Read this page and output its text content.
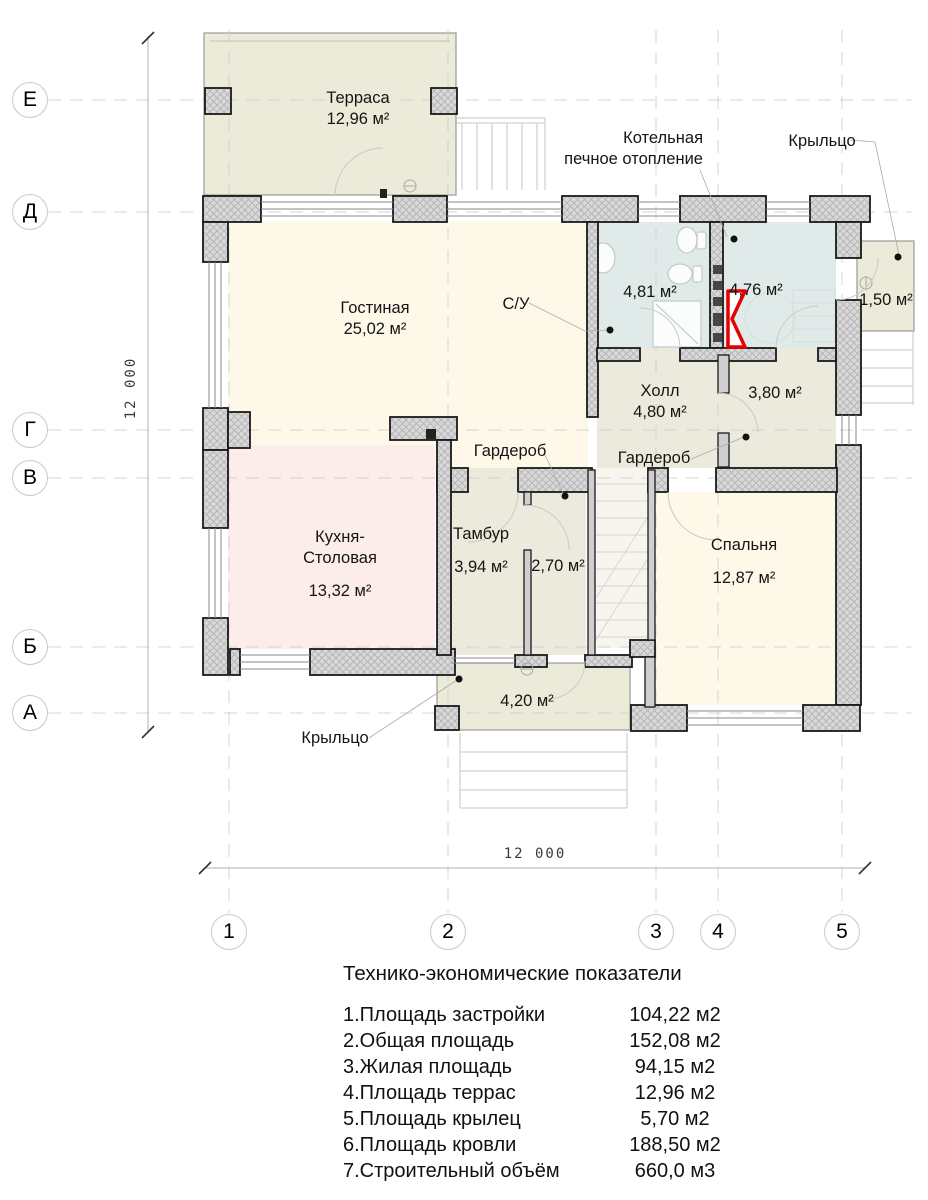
12 000
12 000
Е
Д
Г
В
Б
А
1	2	3	4	5
Терраса
12,96 м²
Гостиная
25,02 м²
4,81 м²	4,76 м²
1,50 м²
Холл
4,80 м²
3,80 м²
Кухня-
Столовая
13,32 м²
Тамбур
3,94 м² 2,70 м²
Спальня
12,87 м²
4,20 м²
Котельная
печное отопление
Крыльцо
С/У
Гардероб	Гардероб
Крыльцо
Технико-экономические показатели
1.Площадь застройки	104,22 м2
2.Общая площадь	152,08 м2
3.Жилая площадь	94,15 м2
4.Площадь террас	12,96 м2
5.Площадь крылец	5,70 м2
6.Площадь кровли	188,50 м2
7.Строительный объём	660,0 м3
